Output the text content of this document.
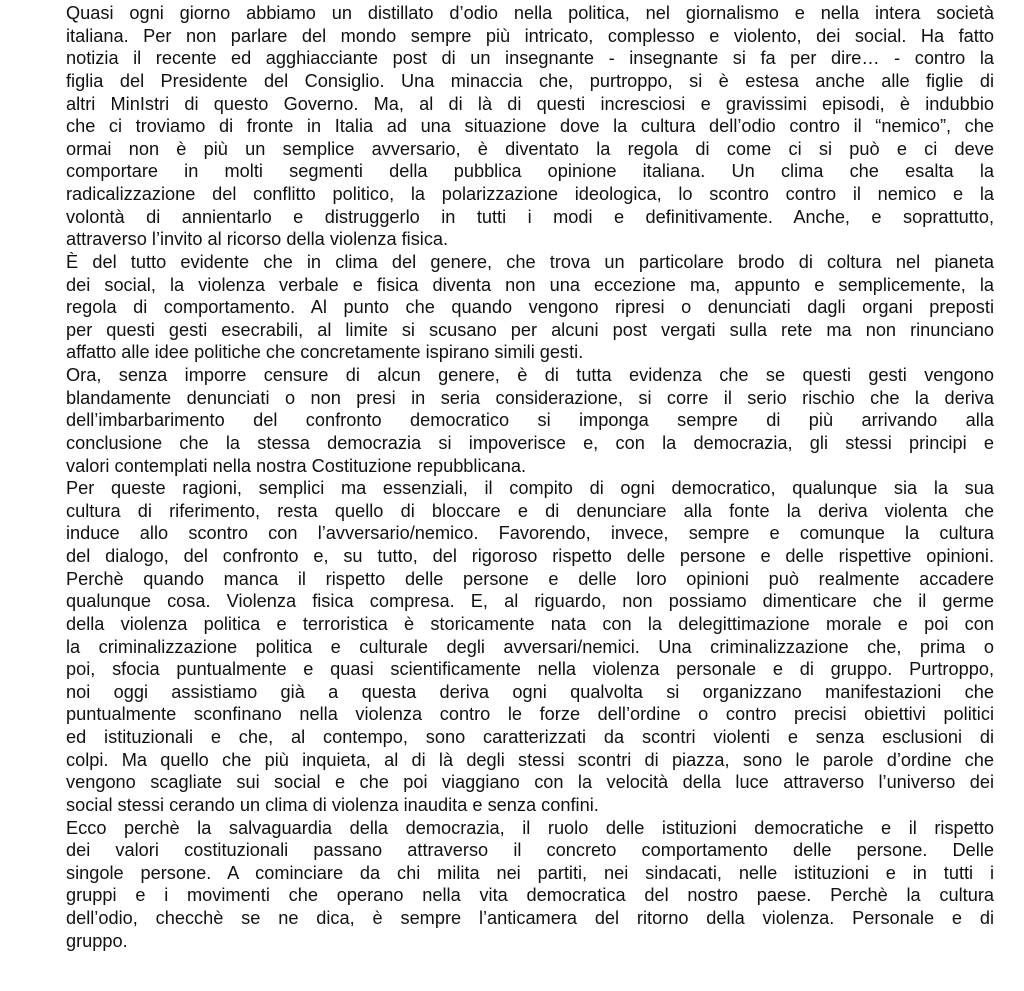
Quasi ogni giorno abbiamo un distillato d’odio nella politica, nel giornalismo e nella intera società
italiana. Per non parlare del mondo sempre più intricato, complesso e violento, dei social. Ha fatto
notizia il recente ed agghiacciante post di un insegnante - insegnante si fa per dire… - contro la
figlia del Presidente del Consiglio. Una minaccia che, purtroppo, si è estesa anche alle figlie di
altri MinIstri di questo Governo. Ma, al di là di questi incresciosi e gravissimi episodi, è indubbio
che ci troviamo di fronte in Italia ad una situazione dove la cultura dell’odio contro il “nemico”, che
ormai non è più un semplice avversario, è diventato la regola di come ci si può e ci deve
comportare in molti segmenti della pubblica opinione italiana. Un clima che esalta la
radicalizzazione del conflitto politico, la polarizzazione ideologica, lo scontro contro il nemico e la
volontà di annientarlo e distruggerlo in tutti i modi e definitivamente. Anche, e soprattutto,
attraverso l’invito al ricorso della violenza fisica.
È del tutto evidente che in clima del genere, che trova un particolare brodo di coltura nel pianeta
dei social, la violenza verbale e fisica diventa non una eccezione ma, appunto e semplicemente, la
regola di comportamento. Al punto che quando vengono ripresi o denunciati dagli organi preposti
per questi gesti esecrabili, al limite si scusano per alcuni post vergati sulla rete ma non rinunciano
affatto alle idee politiche che concretamente ispirano simili gesti.
Ora, senza imporre censure di alcun genere, è di tutta evidenza che se questi gesti vengono
blandamente denunciati o non presi in seria considerazione, si corre il serio rischio che la deriva
dell’imbarbarimento del confronto democratico si imponga sempre di più arrivando alla
conclusione che la stessa democrazia si impoverisce e, con la democrazia, gli stessi principi e
valori contemplati nella nostra Costituzione repubblicana.
Per queste ragioni, semplici ma essenziali, il compito di ogni democratico, qualunque sia la sua
cultura di riferimento, resta quello di bloccare e di denunciare alla fonte la deriva violenta che
induce allo scontro con l’avversario/nemico. Favorendo, invece, sempre e comunque la cultura
del dialogo, del confronto e, su tutto, del rigoroso rispetto delle persone e delle rispettive opinioni.
Perchè quando manca il rispetto delle persone e delle loro opinioni può realmente accadere
qualunque cosa. Violenza fisica compresa. E, al riguardo, non possiamo dimenticare che il germe
della violenza politica e terroristica è storicamente nata con la delegittimazione morale e poi con
la criminalizzazione politica e culturale degli avversari/nemici. Una criminalizzazione che, prima o
poi, sfocia puntualmente e quasi scientificamente nella violenza personale e di gruppo. Purtroppo,
noi oggi assistiamo già a questa deriva ogni qualvolta si organizzano manifestazioni che
puntualmente sconfinano nella violenza contro le forze dell’ordine o contro precisi obiettivi politici
ed istituzionali e che, al contempo, sono caratterizzati da scontri violenti e senza esclusioni di
colpi. Ma quello che più inquieta, al di là degli stessi scontri di piazza, sono le parole d’ordine che
vengono scagliate sui social e che poi viaggiano con la velocità della luce attraverso l’universo dei
social stessi cerando un clima di violenza inaudita e senza confini.
Ecco perchè la salvaguardia della democrazia, il ruolo delle istituzioni democratiche e il rispetto
dei valori costituzionali passano attraverso il concreto comportamento delle persone. Delle
singole persone. A cominciare da chi milita nei partiti, nei sindacati, nelle istituzioni e in tutti i
gruppi e i movimenti che operano nella vita democratica del nostro paese. Perchè la cultura
dell’odio, checchè se ne dica, è sempre l’anticamera del ritorno della violenza. Personale e di
gruppo.
